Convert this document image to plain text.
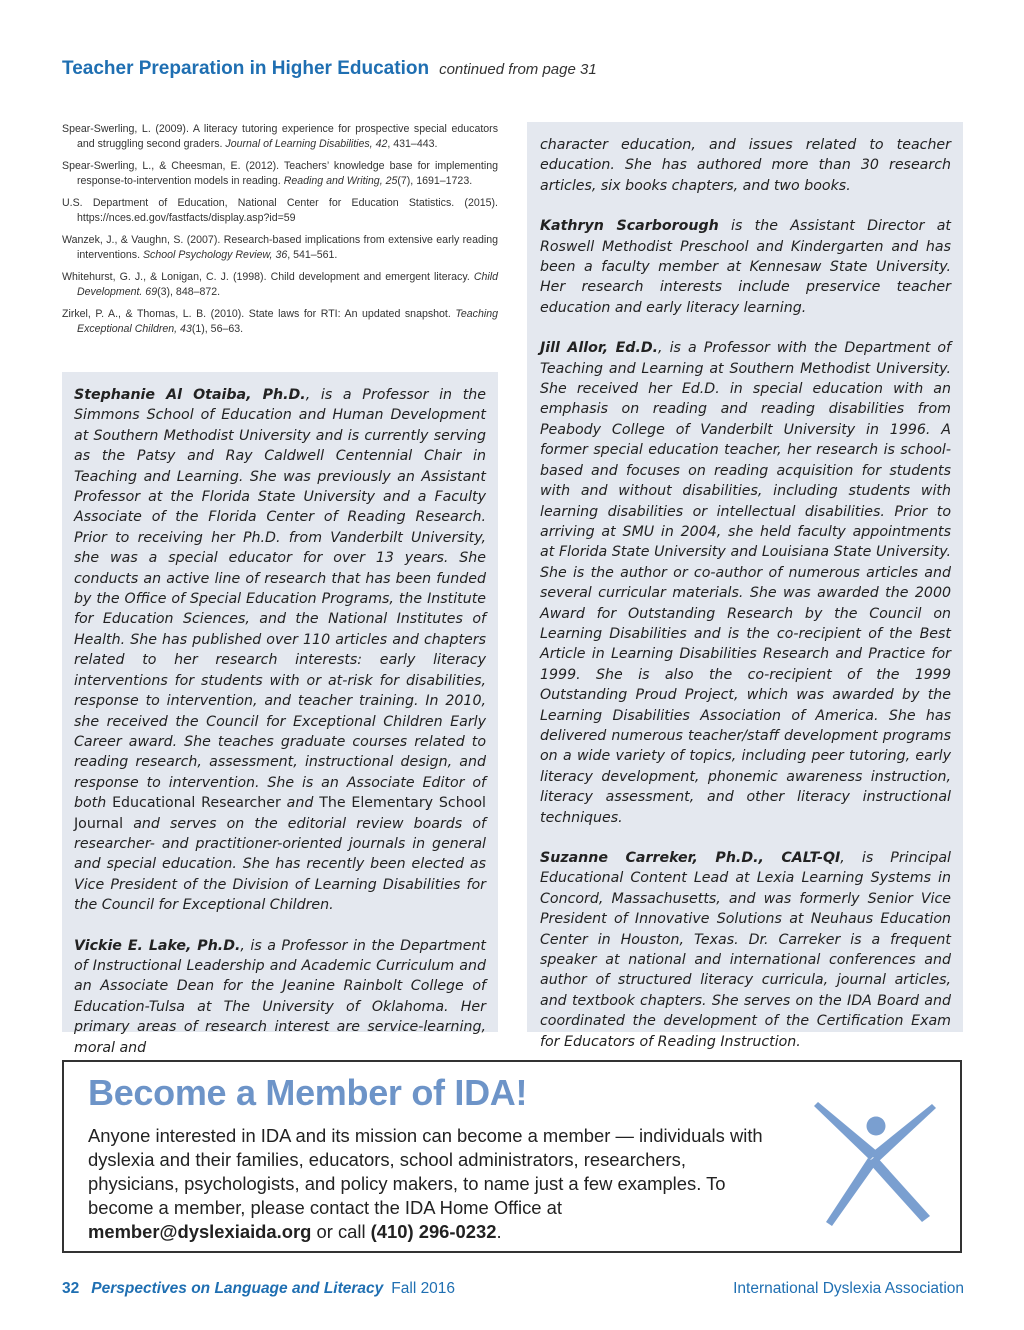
Teacher Preparation in Higher Education continued from page 31

Spear-Swerling, L. (2009). A literacy tutoring experience for prospective special educators and struggling second graders. Journal of Learning Disabilities, 42, 431–443.

Spear-Swerling, L., & Cheesman, E. (2012). Teachers’ knowledge base for implementing response-to-intervention models in reading. Reading and Writing, 25(7), 1691–1723.

U.S. Department of Education, National Center for Education Statistics. (2015). https://nces.ed.gov/fastfacts/display.asp?id=59

Wanzek, J., & Vaughn, S. (2007). Research-based implications from extensive early reading interventions. School Psychology Review, 36, 541–561.

Whitehurst, G. J., & Lonigan, C. J. (1998). Child development and emergent literacy. Child Development. 69(3), 848–872.

Zirkel, P. A., & Thomas, L. B. (2010). State laws for RTI: An updated snapshot. Teaching Exceptional Children, 43(1), 56–63.

Stephanie Al Otaiba, Ph.D., is a Professor in the Simmons School of Education and Human Development at Southern Methodist University and is currently serving as the Patsy and Ray Caldwell Centennial Chair in Teaching and Learning. She was previously an Assistant Professor at the Florida State University and a Faculty Associate of the Florida Center of Reading Research. Prior to receiving her Ph.D. from Vanderbilt University, she was a special educator for over 13 years. She conducts an active line of research that has been funded by the Office of Special Education Programs, the Institute for Education Sciences, and the National Institutes of Health. She has published over 110 articles and chapters related to her research interests: early literacy interventions for students with or at-risk for disabilities, response to intervention, and teacher training. In 2010, she received the Council for Exceptional Children Early Career award. She teaches graduate courses related to reading research, assessment, instructional design, and response to intervention. She is an Associate Editor of both Educational Researcher and The Elementary School Journal and serves on the editorial review boards of researcher- and practitioner-oriented journals in general and special education. She has recently been elected as Vice President of the Division of Learning Disabilities for the Council for Exceptional Children.

Vickie E. Lake, Ph.D., is a Professor in the Department of Instructional Leadership and Academic Curriculum and an Associate Dean for the Jeanine Rainbolt College of Education-Tulsa at The University of Oklahoma. Her primary areas of research interest are service-learning, moral and

character education, and issues related to teacher education. She has authored more than 30 research articles, six books chapters, and two books.

Kathryn Scarborough is the Assistant Director at Roswell Methodist Preschool and Kindergarten and has been a faculty member at Kennesaw State University. Her research interests include preservice teacher education and early literacy learning.

Jill Allor, Ed.D., is a Professor with the Department of Teaching and Learning at Southern Methodist University. She received her Ed.D. in special education with an emphasis on reading and reading disabilities from Peabody College of Vanderbilt University in 1996. A former special education teacher, her research is school-based and focuses on reading acquisition for students with and without disabilities, including students with learning disabilities or intellectual disabilities. Prior to arriving at SMU in 2004, she held faculty appointments at Florida State University and Louisiana State University. She is the author or co-author of numerous articles and several curricular materials. She was awarded the 2000 Award for Outstanding Research by the Council on Learning Disabilities and is the co-recipient of the Best Article in Learning Disabilities Research and Practice for 1999. She is also the co-recipient of the 1999 Outstanding Proud Project, which was awarded by the Learning Disabilities Association of America. She has delivered numerous teacher/staff development programs on a wide variety of topics, including peer tutoring, early literacy development, phonemic awareness instruction, literacy assessment, and other literacy instructional techniques.

Suzanne Carreker, Ph.D., CALT-QI, is Principal Educational Content Lead at Lexia Learning Systems in Concord, Massachusetts, and was formerly Senior Vice President of Innovative Solutions at Neuhaus Education Center in Houston, Texas. Dr. Carreker is a frequent speaker at national and international conferences and author of structured literacy curricula, journal articles, and textbook chapters. She serves on the IDA Board and coordinated the development of the Certification Exam for Educators of Reading Instruction.

Become a Member of IDA!
Anyone interested in IDA and its mission can become a member — individuals with dyslexia and their families, educators, school administrators, researchers, physicians, psychologists, and policy makers, to name just a few examples. To become a member, please contact the IDA Home Office at member@dyslexiaida.org or call (410) 296-0232.
32 Perspectives on Language and Literacy Fall 2016	International Dyslexia Association
